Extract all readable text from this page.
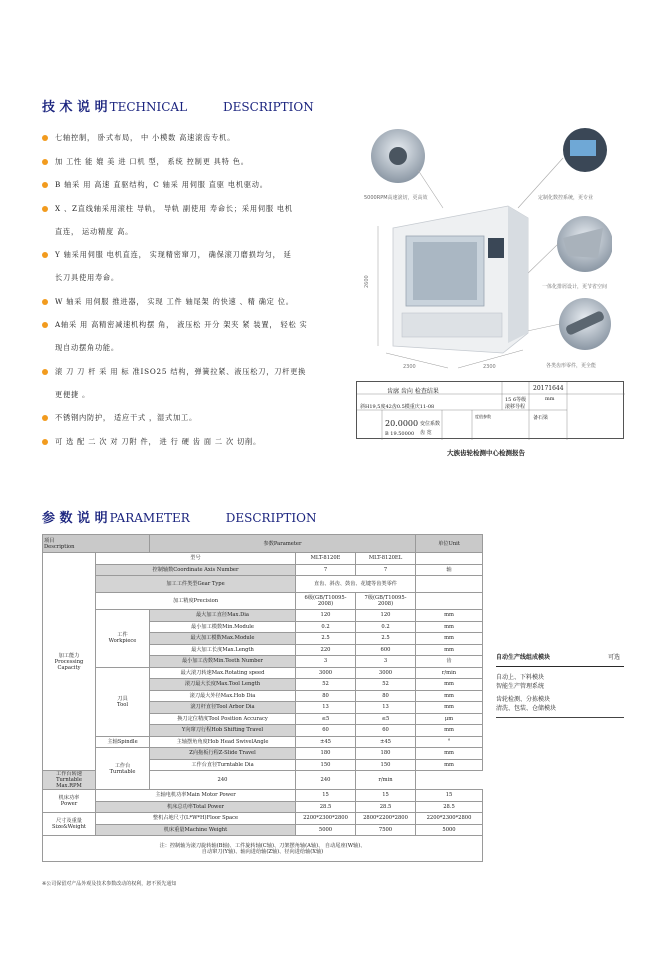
技 术 说 明 TECHNICAL	DESCRIPTION
七轴控制， 卧式布局， 中 小模数 高速滚齿专机。
加 工性 能 媲 美 进 口机 型， 系统 控制更 具特 色。
B 轴采 用 高速 直驱结构，C 轴采 用伺服 直驱 电机驱动。
X 、Z直线轴采用滚柱 导轨， 导轨 副使用 寿命长；采用伺服 电机
直连， 运动精度 高。
Y 轴采用伺服 电机直连， 实现精密窜刀， 确保滚刀磨损均匀， 延
长刀具使用寿命。
W 轴采 用伺服 推进器， 实现 工件 轴尾架 的快速 、精 确定 位。
A轴采 用 高精密减速机构摆 角， 液压松 开分 架夹 紧 装置， 轻松 实
现自动摆角功能。
滚 刀 刀 杆 采 用 标 准ISO25 结构，弹簧拉紧、液压松刀，刀杆更换
更便捷 。
不锈钢内防护， 适应干式 ，湿式加工。
可 选 配 二 次 对 刀附 件， 进 行 硬 齿 面 二 次 切削。
5000RPM高速滚切，更高效	定制化数控系统，更专业
一体化排屑设计，更节省空间
各类齿形零件，更全能
2600
2300	2300
齿廓 齿向 检查结果
15 6等级
20171644
mm
滚移导程
斜H19,5度42齿0.5模重庆11-08
20.0000 变位系数
B 19.50000 齿 宽
度值参数	备石梁
大族齿轮检测中心检测报告
参 数 说 明 PARAMETER	DESCRIPTION
项目
Description		参数Parameter			单位Unit
加工能力
Processing
Capacity	型号		MLT-8120E	MLT-8120EL	
	控制轴数Coordinate Axis Number		7	7	轴
	加工工件类型Gear Type		直齿、斜齿、鼓齿、花键等齿类零件		
	加工精度Precision		6级(GB/T10095-2008)	7级(GB/T10095-2008)	
	工件
Workpiece	最大加工直径Max.Dia	120	120	mm
		最小加工模数Min.Module	0.2	0.2	mm
		最大加工模数Max.Module	2.5	2.5	mm
		最大加工长度Max.Length	220	600	mm
		最小加工齿数Min.Teeth Number	3	3	齿
	刀具
Tool	最大滚刀转速Max.Rotating speed	3000	3000	r/min
		滚刀最大长度Max.Tool Length	52	52	mm
		滚刀最大外径Max.Hob Dia	80	80	mm
		滚刀杆直径Tool Arbor Dia	13	13	mm
		换刀定位精度Tool Position Accuracy	≤5	≤5	μm
		Y向窜刀行程Hob Shifting Travel	60	60	mm
	主轴Spindle	主轴摆角角度Hob Head SwivelAngle	±45	±45	°
	工作台
Turntable	Z向拖板行程Z-Slide Travel	180	180	mm
		工作台直径Turntable Dia	150	150	mm
工作台转速Turntable Max.RPM		240	240	r/min	
机床功率
Power	主轴电机功率Main Motor Power		15	15	15
	机床总功率Total Power		28.5	28.5	28.5
尺寸及重量
Size&Weight	整机占地尺寸(L*W*H)Floor Space		2200*2300*2800	2800*2200*2800	2200*2300*2800
	机床重量Machine Weight		5000	7500	5000
注：控制轴为滚刀旋转轴(B轴)、工件旋转轴(C轴)、刀架摆角轴(A轴)、 自动尾座(W轴)、
自动窜刀(Y轴)、轴向进给轴(Z轴)、径向进给轴(X轴)					
自动生产线组成模块	可选
自动上、下料模块
智能生产管理系统
齿轮检测、分拣模块
清洗、包装、仓储模块
※公司保留对产品外观及技术参数改动的权利，恕不预先通知
